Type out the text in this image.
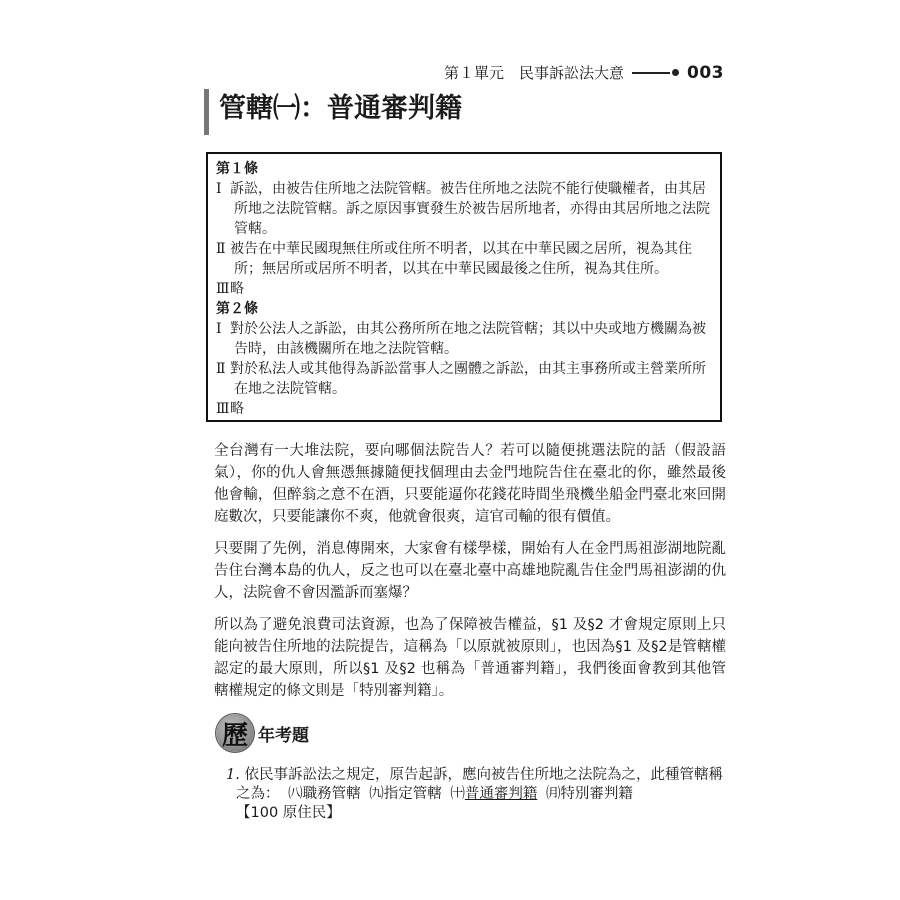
第１單元　民事訴訟法大意	003
管轄㈠：普通審判籍
第１條
Ⅰ 訴訟，由被告住所地之法院管轄。被告住所地之法院不能行使職權者，由其居所地之法院管轄。訴之原因事實發生於被告居所地者，亦得由其居所地之法院管轄。
Ⅱ 被告在中華民國現無住所或住所不明者，以其在中華民國之居所，視為其住所；無居所或居所不明者，以其在中華民國最後之住所，視為其住所。
Ⅲ略
第２條
Ⅰ 對於公法人之訴訟，由其公務所所在地之法院管轄；其以中央或地方機關為被告時，由該機關所在地之法院管轄。
Ⅱ 對於私法人或其他得為訴訟當事人之團體之訴訟，由其主事務所或主營業所所在地之法院管轄。
Ⅲ略

全台灣有一大堆法院，要向哪個法院告人？若可以隨便挑選法院的話（假設語氣），你的仇人會無憑無據隨便找個理由去金門地院告住在臺北的你，雖然最後他會輸，但醉翁之意不在酒，只要能逼你花錢花時間坐飛機坐船金門臺北來回開庭數次，只要能讓你不爽，他就會很爽，這官司輸的很有價值。

只要開了先例，消息傳開來，大家會有樣學樣，開始有人在金門馬祖澎湖地院亂告住台灣本島的仇人，反之也可以在臺北臺中高雄地院亂告住金門馬祖澎湖的仇人，法院會不會因濫訴而塞爆？

所以為了避免浪費司法資源，也為了保障被告權益，§1 及§2 才會規定原則上只能向被告住所地的法院提告，這稱為「以原就被原則」，也因為§1 及§2是管轄權認定的最大原則，所以§1 及§2 也稱為「普通審判籍」，我們後面會教到其他管轄權規定的條文則是「特別審判籍」。

歷 年考題
1. 依民事訴訟法之規定，原告起訴，應向被告住所地之法院為之，此種管轄稱之為： ㈧職務管轄 ㈨指定管轄 ㈩普通審判籍 ㈪特別審判籍【100 原住民】
